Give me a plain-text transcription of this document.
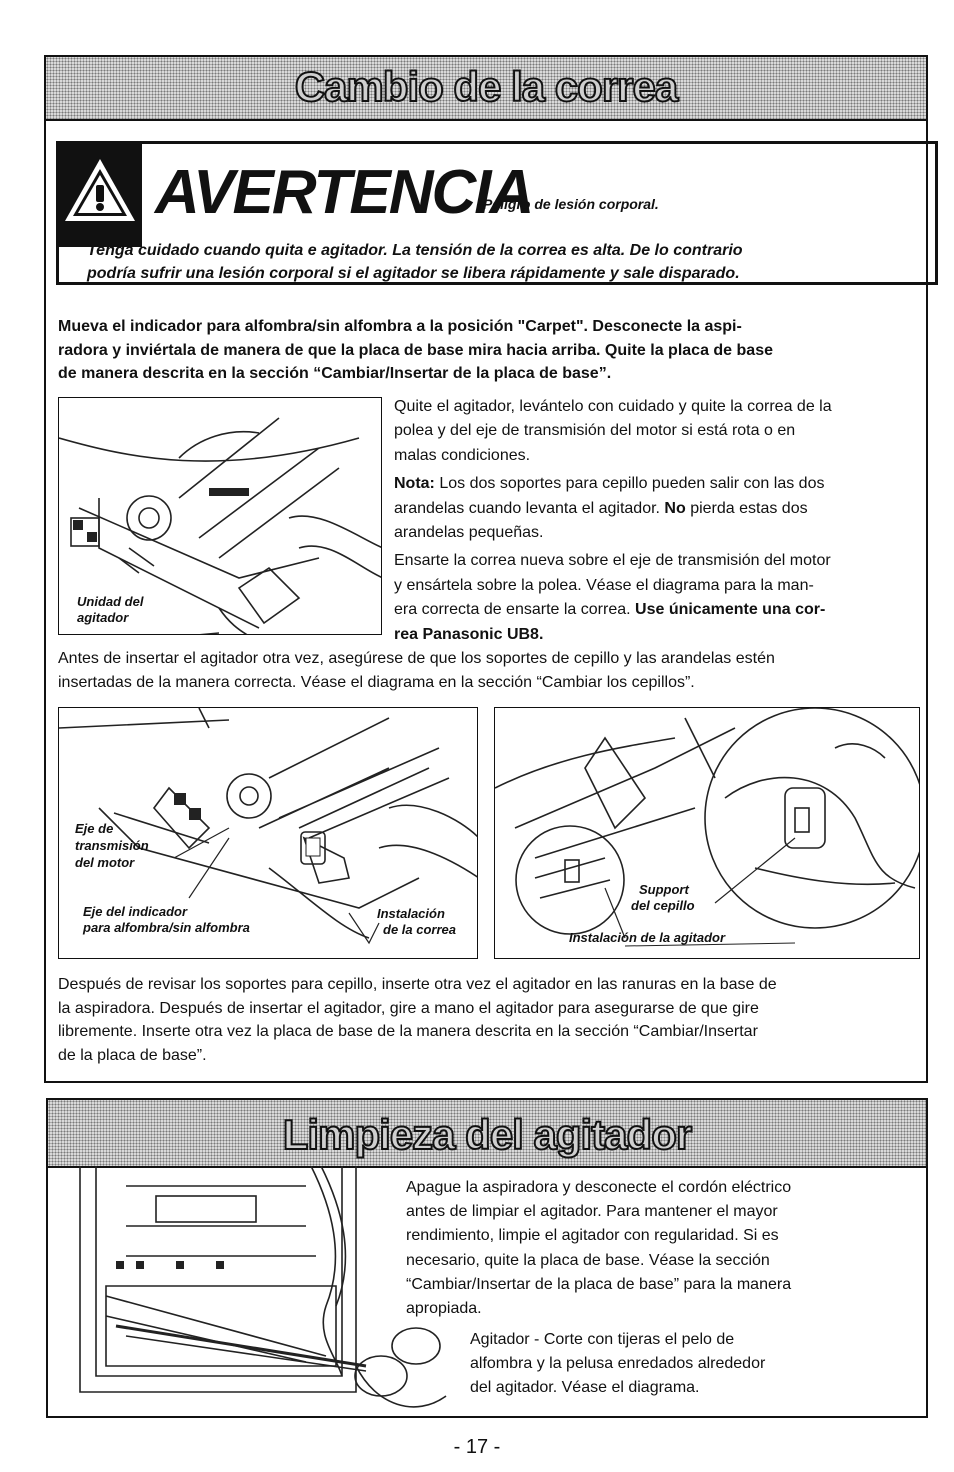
Cambio de la correa
AVERTENCIA
Peligro de lesión corporal.
Tenga cuidado cuando quita e agitador. La tensión de la correa es alta. De lo contrario
podría sufrir una lesión corporal si el agitador se libera rápidamente y sale disparado.
Mueva el indicador para alfombra/sin alfombra a la posición "Carpet". Desconecte la aspi-
radora y inviértala de manera de que la placa de base mira hacia arriba. Quite la placa de base
de manera descrita en la sección “Cambiar/Insertar de la placa de base”.
Unidad del
agitador
Quite el agitador, levántelo con cuidado y quite la correa de la
polea y del eje de transmisión del motor si está rota o en
malas condiciones.
Nota: Los dos soportes para cepillo pueden salir con las dos
arandelas cuando levanta el agitador. No pierda estas dos
arandelas pequeñas.
Ensarte la correa nueva sobre el eje de transmisión del motor
y ensártela sobre la polea. Véase el diagrama para la man-
era correcta de ensarte la correa. Use únicamente una cor-
rea Panasonic UB8.
Antes de insertar el agitador otra vez, asegúrese de que los soportes de cepillo y las arandelas estén
insertadas de la manera correcta. Véase el diagrama en la sección “Cambiar los cepillos”.
Eje de
transmisión
del motor
Eje del indicador
para alfombra/sin alfombra
Instalación
de la correa
Support
del cepillo
Instalación de la agitador
Después de revisar los soportes para cepillo, inserte otra vez el agitador en las ranuras en la base de
la aspiradora. Después de insertar el agitador, gire a mano el agitador para asegurarse de que gire
libremente. Inserte otra vez la placa de base de la manera descrita en la sección “Cambiar/Insertar
de la placa de base”.
Limpieza del agitador
Apague la aspiradora y desconecte el cordón eléctrico
antes de limpiar el agitador. Para mantener el mayor
rendimiento, limpie el agitador con regularidad. Si es
necesario, quite la placa de base. Véase la sección
“Cambiar/Insertar de la placa de base” para la manera
apropiada.
Agitador - Corte con tijeras el pelo de
alfombra y la pelusa enredados alrededor
del agitador. Véase el diagrama.
- 17 -
